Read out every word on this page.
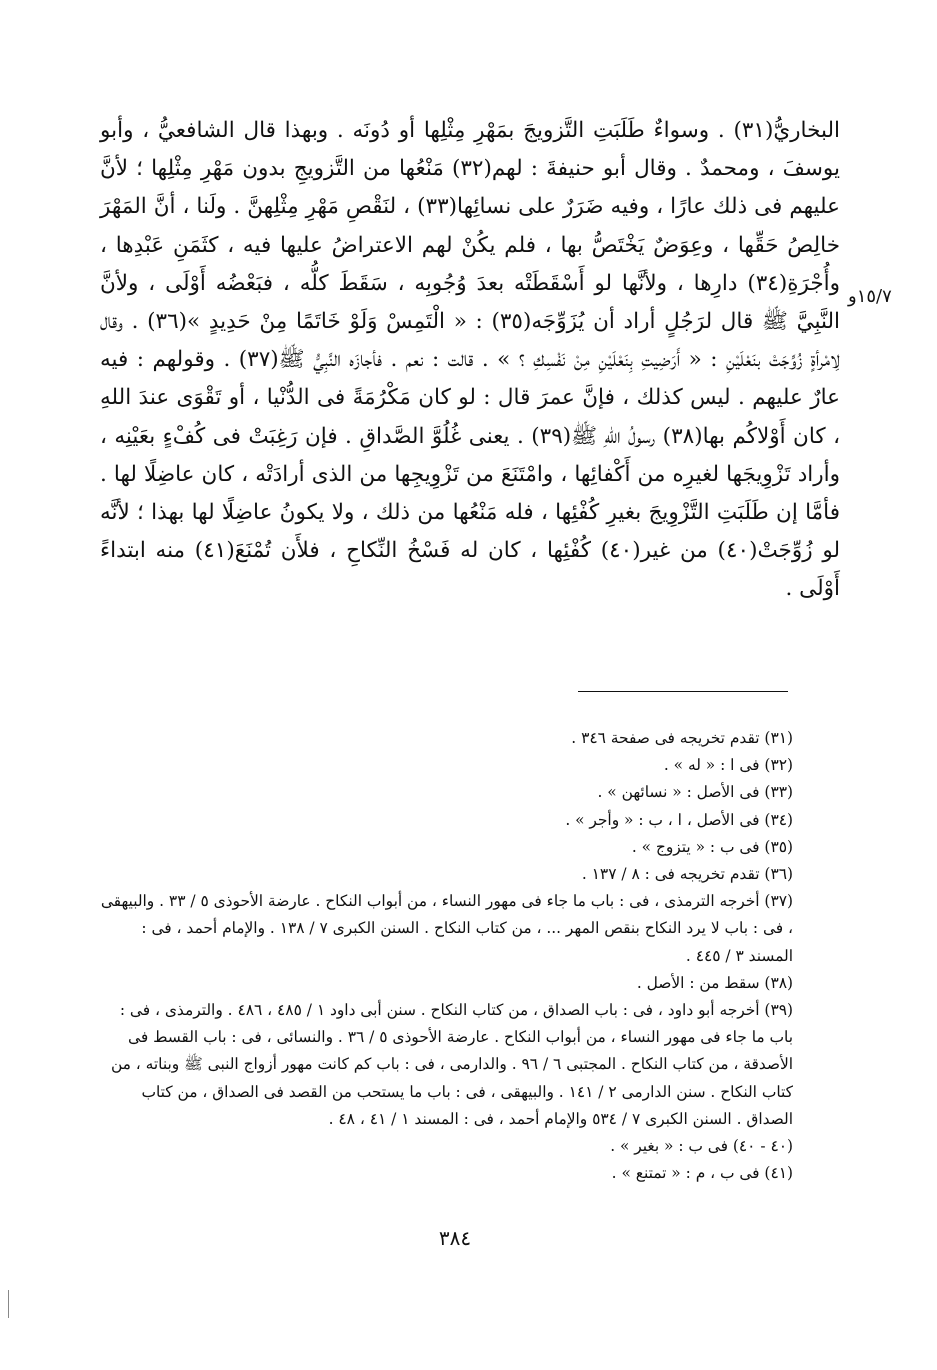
١٥/٧و

البخاريُّ(٣١) . وسواءٌ طَلَبَتِ التَّزويجَ بمَهْرِ مِثْلِها أو دُونَه . وبهذا قال الشافعيُّ ، وأبو يوسفَ ، ومحمدٌ . وقال أبو حنيفةَ : لهم(٣٢) مَنْعُها من التَّزويجِ بدون مَهْرِ مِثْلِها ؛ لأنَّ عليهم فى ذلك عارًا ، وفيه ضَرَرٌ على نسائِها(٣٣) ، لنَقْصِ مَهْرِ مِثْلِهنَّ . ولَنا ، أنَّ المَهْرَ خالِصُ حَقِّها ، وعِوَضٌ يَخْتَصُّ بها ، فلم يكُنْ لهم الاعتراضُ عليها فيه ، كثَمَنِ عَبْدِها ، وأُجْرَةِ(٣٤) دارِها ، ولأنَّها لو أَسْقَطَتْه بعدَ وُجُوبِه ، سَقَطَ كلُّه ، فبَعْضُه أَوْلَى ، ولأنَّ النَّبِيَّ ﷺ قال لرَجُلٍ أراد أن يُزَوِّجَه(٣٥) : « الْتَمِسْ وَلَوْ خَاتَمًا مِنْ حَدِيدٍ »(٣٦) . وقال لِامْرأةٍ زُوِّجَتْ بنَعْلَيْنِ : « أَرَضِيتِ بِنَعْلَيْنِ مِنْ نَفْسِكِ ؟ » . قالت : نعم . فأجازَه النَّبِيُّ ﷺ(٣٧) . وقولهم : فيه عارٌ عليهم . ليس كذلك ، فإنَّ عمرَ قال : لو كان مَكْرُمَةً فى الدُّنْيا ، أو تَقْوَى عندَ اللهِ ، كان أَوْلاكُم بها(٣٨) رسولُ اللهِ ﷺ(٣٩) . يعنى غُلُوَّ الصَّداقِ . فإن رَغِبَتْ فى كُفْءٍ بعَيْنِه ، وأراد تَزْوِيجَها لغيرِه من أَكْفائِها ، وامْتَنَعَ من تَزْوِيجِها من الذى أرادَتْه ، كان عاضِلًا لها . فأمَّا إن طَلَبَتِ التَّزْوِيجَ بغيرِ كُفْئِها ، فله مَنْعُها من ذلك ، ولا يكونُ عاضِلًا لها بهذا ؛ لأنَّه لو زُوِّجَتْ(٤٠) من غير(٤٠) كُفْئِها ، كان له فَسْخُ النِّكاحِ ، فلأَن تُمْنَعَ(٤١) منه ابتداءً أَوْلَى .

(٣١) تقدم تخريجه فى صفحة ٣٤٦ .

(٣٢) فى ا : « له » .

(٣٣) فى الأصل : « نسائهن » .

(٣٤) فى الأصل ، ا ، ب : « وأجر » .

(٣٥) فى ب : « يتزوج » .

(٣٦) تقدم تخريجه فى : ٨ / ١٣٧ .

(٣٧) أخرجه الترمذى ، فى : باب ما جاء فى مهور النساء ، من أبواب النكاح . عارضة الأحوذى ٥ / ٣٣ . والبيهقى ، فى : باب لا يرد النكاح بنقص المهر ... ، من كتاب النكاح . السنن الكبرى ٧ / ١٣٨ . والإمام أحمد ، فى : المسند ٣ / ٤٤٥ .

(٣٨) سقط من : الأصل .

(٣٩) أخرجه أبو داود ، فى : باب الصداق ، من كتاب النكاح . سنن أبى داود ١ / ٤٨٥ ، ٤٨٦ . والترمذى ، فى : باب ما جاء فى مهور النساء ، من أبواب النكاح . عارضة الأحوذى ٥ / ٣٦ . والنسائى ، فى : باب القسط فى الأصدقة ، من كتاب النكاح . المجتبى ٦ / ٩٦ . والدارمى ، فى : باب كم كانت مهور أزواج النبى ﷺ وبناته ، من كتاب النكاح . سنن الدارمى ٢ / ١٤١ . والبيهقى ، فى : باب ما يستحب من القصد فى الصداق ، من كتاب الصداق . السنن الكبرى ٧ / ٥٣٤ والإمام أحمد ، فى : المسند ١ / ٤١ ، ٤٨ .

(٤٠ - ٤٠) فى ب : « بغير » .

(٤١) فى ب ، م : « تمتنع » .

٣٨٤
